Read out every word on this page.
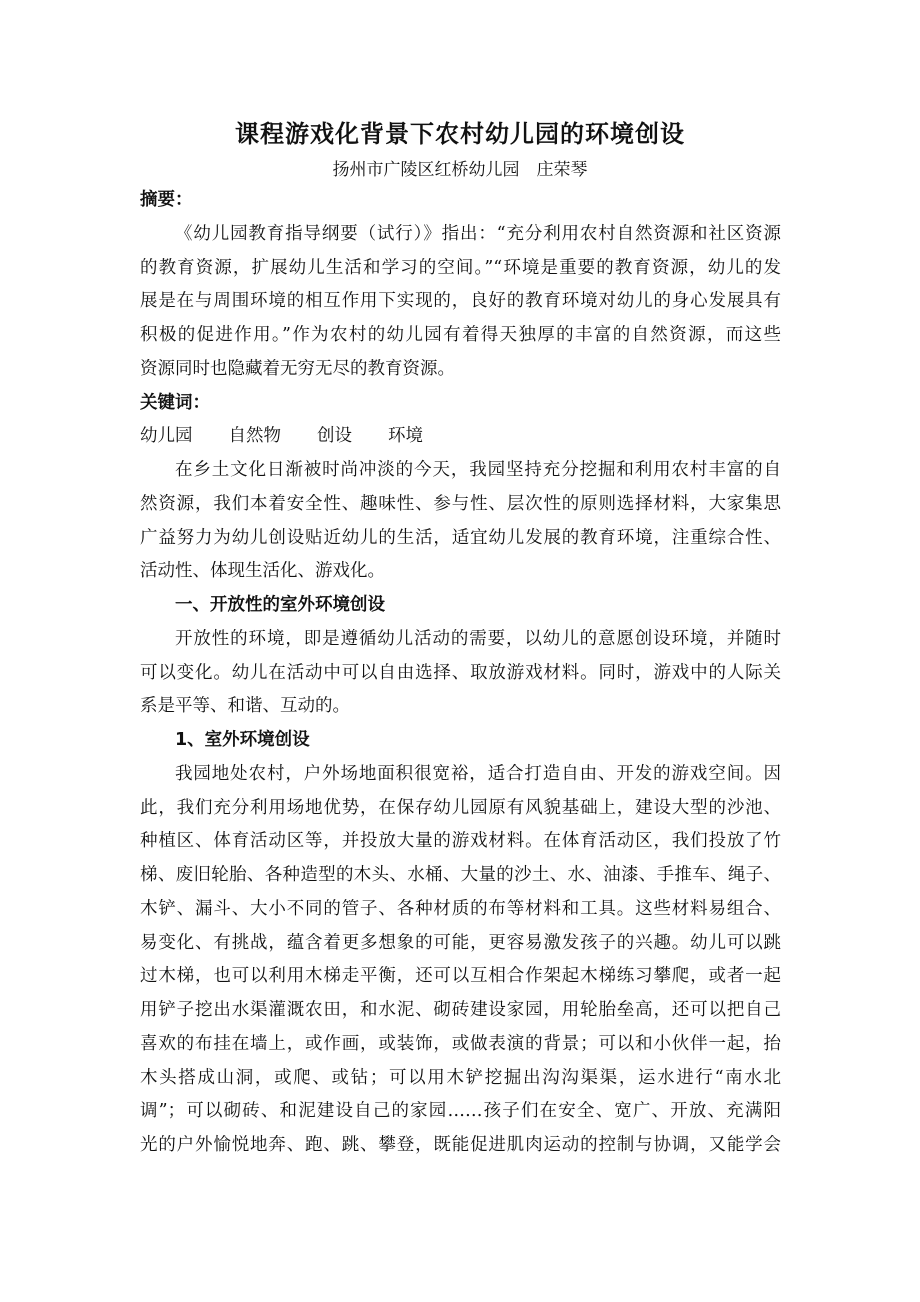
课程游戏化背景下农村幼儿园的环境创设
扬州市广陵区红桥幼儿园　庄荣琴
摘要：
《幼儿园教育指导纲要（试行）》指出：“充分利用农村自然资源和社区资源
的教育资源，扩展幼儿生活和学习的空间。”“环境是重要的教育资源，幼儿的发
展是在与周围环境的相互作用下实现的，良好的教育环境对幼儿的身心发展具有
积极的促进作用。”作为农村的幼儿园有着得天独厚的丰富的自然资源，而这些
资源同时也隐藏着无穷无尽的教育资源。
关键词：
幼儿园 自然物 创设 环境
在乡土文化日渐被时尚冲淡的今天，我园坚持充分挖掘和利用农村丰富的自
然资源，我们本着安全性、趣味性、参与性、层次性的原则选择材料，大家集思
广益努力为幼儿创设贴近幼儿的生活，适宜幼儿发展的教育环境，注重综合性、
活动性、体现生活化、游戏化。
一、开放性的室外环境创设
开放性的环境，即是遵循幼儿活动的需要，以幼儿的意愿创设环境，并随时
可以变化。幼儿在活动中可以自由选择、取放游戏材料。同时，游戏中的人际关
系是平等、和谐、互动的。
1、室外环境创设
我园地处农村，户外场地面积很宽裕，适合打造自由、开发的游戏空间。因
此，我们充分利用场地优势，在保存幼儿园原有风貌基础上，建设大型的沙池、
种植区、体育活动区等，并投放大量的游戏材料。在体育活动区，我们投放了竹
梯、废旧轮胎、各种造型的木头、水桶、大量的沙土、水、油漆、手推车、绳子、
木铲、漏斗、大小不同的管子、各种材质的布等材料和工具。这些材料易组合、
易变化、有挑战，蕴含着更多想象的可能，更容易激发孩子的兴趣。幼儿可以跳
过木梯，也可以利用木梯走平衡，还可以互相合作架起木梯练习攀爬，或者一起
用铲子挖出水渠灌溉农田，和水泥、砌砖建设家园，用轮胎垒高，还可以把自己
喜欢的布挂在墙上，或作画，或装饰，或做表演的背景；可以和小伙伴一起，抬
木头搭成山洞，或爬、或钻；可以用木铲挖掘出沟沟渠渠，运水进行“南水北
调”；可以砌砖、和泥建设自己的家园……孩子们在安全、宽广、开放、充满阳
光的户外愉悦地奔、跑、跳、攀登，既能促进肌肉运动的控制与协调，又能学会
